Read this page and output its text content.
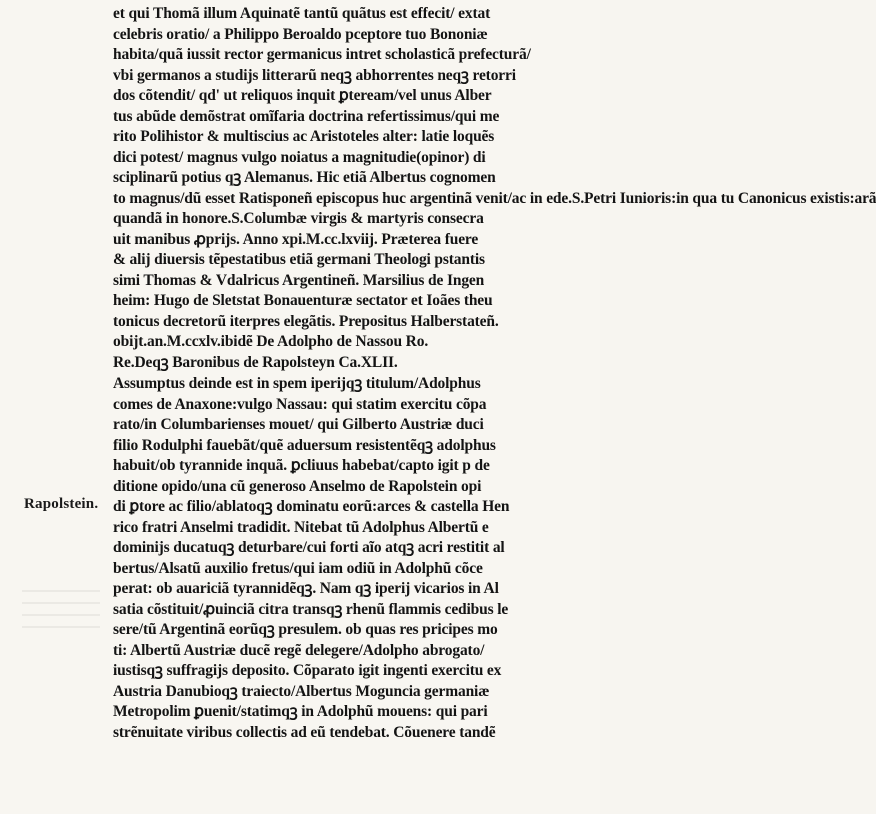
Rapolstein.
et qui Thomã illum Aquinatẽ tantũ quãtus est effecit/ extat
celebris oratio/ a Philippo Beroaldo pceptore tuo Bononiæ
habita/quã iussit rector germanicus intret scholasticã prefecturã/
vbi germanos a studijs litterarũ neqꝫ abhorrentes neqꝫ retorri
dos cõtendit/ qd' ut reliquos inquit ꝑteream/vel unus Alber
tus abũde demõstrat omĩfaria doctrina refertissimus/qui me
rito Polihistor & multiscius ac Aristoteles alter: latie loquẽs
dici potest/ magnus vulgo noiatus a magnitudie(opinor) di
sciplinarũ potius qꝫ Alemanus. Hic etiã Albertus cognomen
to magnus/dũ esset Ratisponeñ episcopus huc argentinã venit/ac in ede.S.Petri Iunioris:in qua tu Canonicus existis:arã
quandã in honore.S.Columbæ virgis & martyris consecra
uit manibus ꝓprijs. Anno xpi.M.cc.lxviij. Præterea fuere
& alij diuersis tẽpestatibus etiã germani Theologi pstantis
simi Thomas & Vdalricus Argentineñ. Marsilius de Ingen
heim: Hugo de Sletstat Bonauenturæ sectator et Ioães theu
tonicus decretorũ iterpres elegãtis. Prepositus Halberstateñ.
obijt.an.M.ccxlv.ibidẽ De Adolpho de Nassou Ro.
Re.Deqꝫ Baronibus de Rapolsteyn Ca.XLII.
Assumptus deinde est in spem iperijqꝫ titulum/Adolphus
comes de Anaxone:vulgo Nassau: qui statim exercitu cõpa
rato/in Columbarienses mouet/ qui Gilberto Austriæ duci
filio Rodulphi fauebãt/quẽ aduersum resistentẽqꝫ adolphus
habuit/ob tyrannide inquã. ꝑcliuus habebat/capto igit p de
ditione opido/una cũ generoso Anselmo de Rapolstein opi
di ꝑtore ac filio/ablatoqꝫ dominatu eorũ:arces & castella Hen
rico fratri Anselmi tradidit. Nitebat tũ Adolphus Albertũ e
dominijs ducatuqꝫ deturbare/cui forti aĩo atqꝫ acri restitit al
bertus/Alsatũ auxilio fretus/qui iam odiũ in Adolphũ cõce
perat: ob auariciã tyrannidẽqꝫ. Nam qꝫ iperij vicarios in Al
satia cõstituit/ꝓuinciã citra transqꝫ rhenũ flammis cedibus le
sere/tũ Argentinã eorũqꝫ presulem. ob quas res pricipes mo
ti: Albertũ Austriæ ducẽ regẽ delegere/Adolpho abrogato/
iustisqꝫ suffragijs deposito. Cõparato igit ingenti exercitu ex
Austria Danubioqꝫ traiecto/Albertus Moguncia germaniæ
Metropolim ꝑuenit/statimqꝫ in Adolphũ mouens: qui pari
strẽnuitate viribus collectis ad eũ tendebat. Cõuenere tandẽ
